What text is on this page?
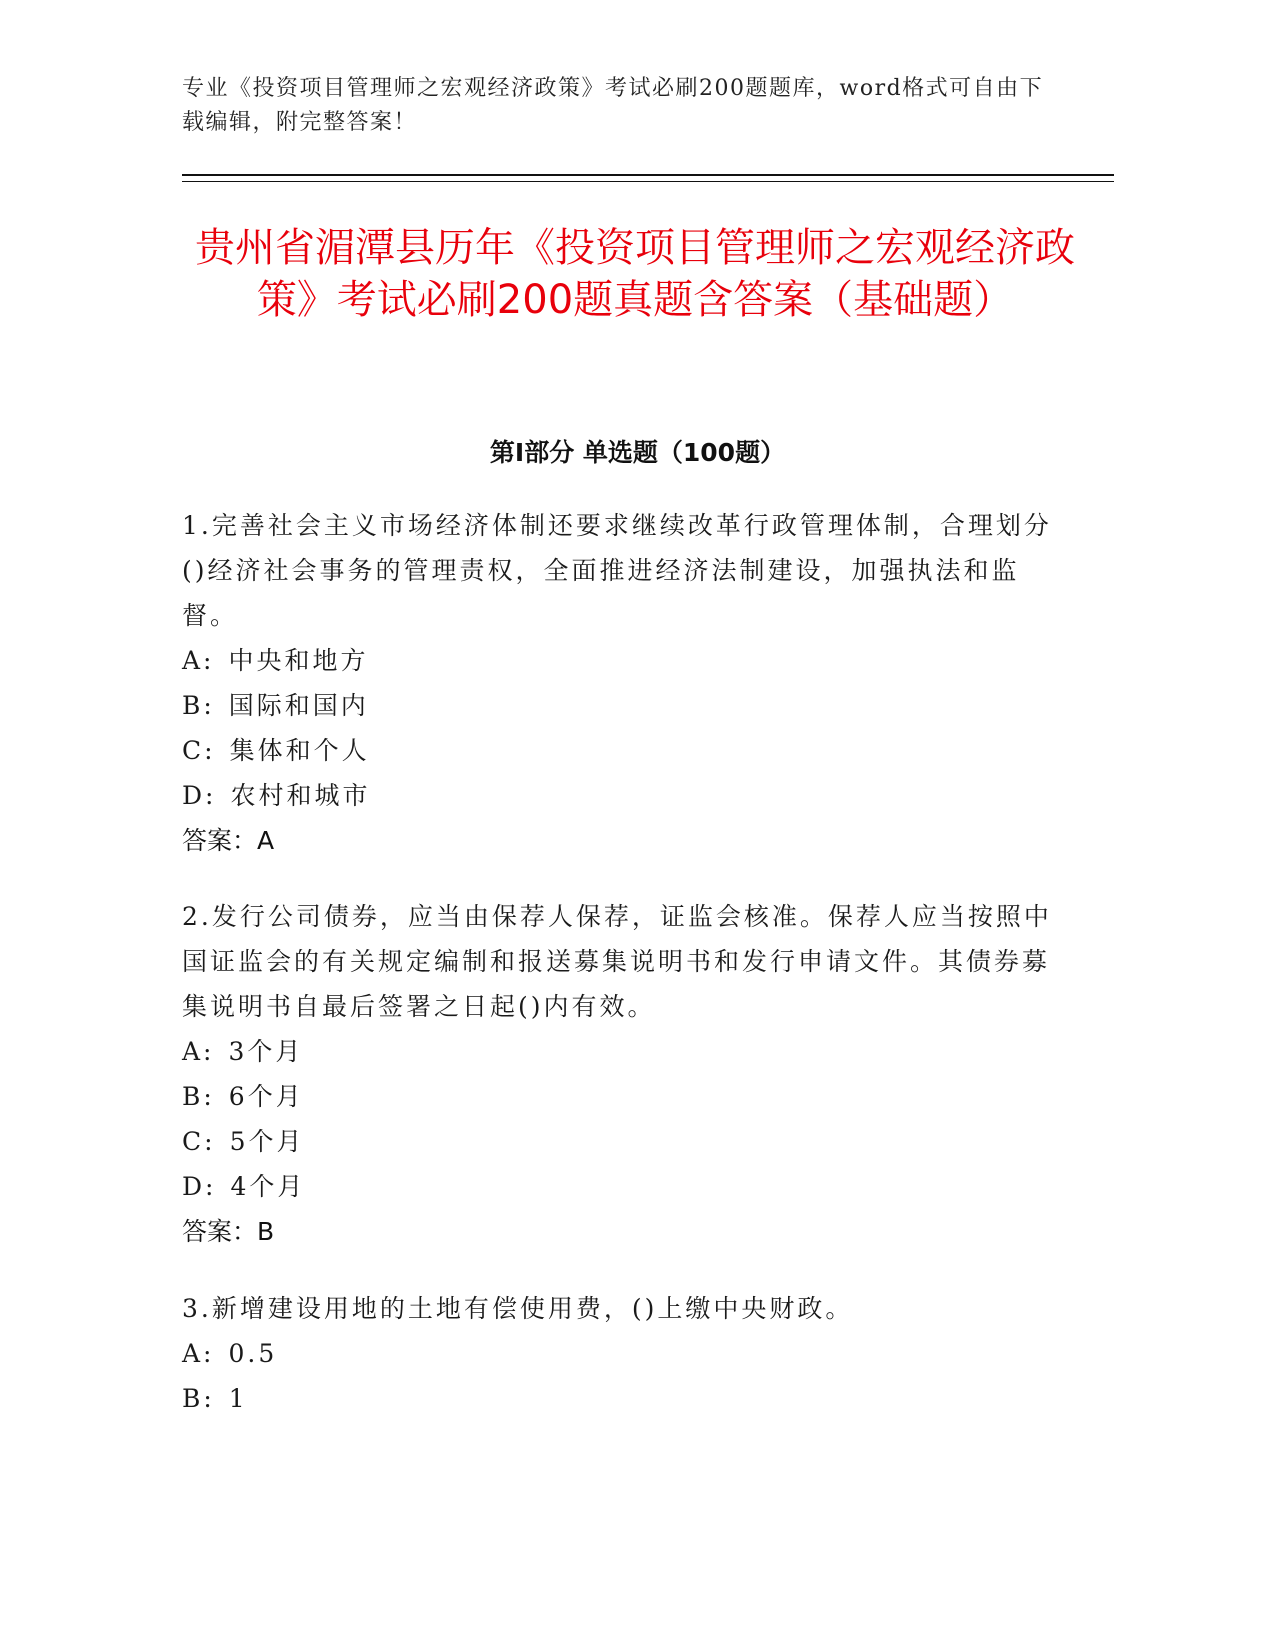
专业《投资项目管理师之宏观经济政策》考试必刷200题题库，word格式可自由下载编辑，附完整答案！
贵州省湄潭县历年《投资项目管理师之宏观经济政策》考试必刷200题真题含答案（基础题）
第Ⅰ部分 单选题（100题）

1.完善社会主义市场经济体制还要求继续改革行政管理体制，合理划分()经济社会事务的管理责权，全面推进经济法制建设，加强执法和监督。

A: 中央和地方

B: 国际和国内

C: 集体和个人

D: 农村和城市

答案：A

2.发行公司债券，应当由保荐人保荐，证监会核准。保荐人应当按照中国证监会的有关规定编制和报送募集说明书和发行申请文件。其债券募集说明书自最后签署之日起()内有效。

A: 3个月

B: 6个月

C: 5个月

D: 4个月

答案：B

3.新增建设用地的土地有偿使用费，()上缴中央财政。

A: 0.5

B: 1
